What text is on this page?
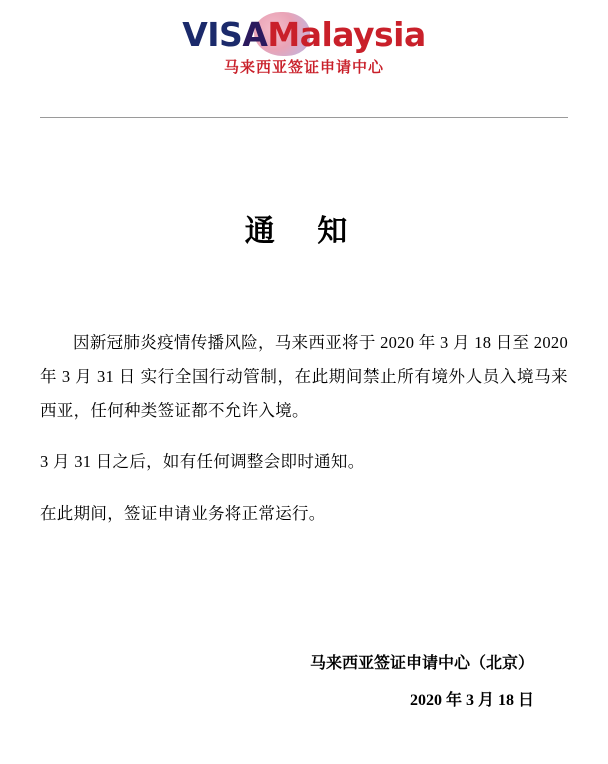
VISAMalaysia
马来西亚签证申请中心
通 知

因新冠肺炎疫情传播风险，马来西亚将于 2020 年 3 月 18 日至 2020 年 3 月 31 日 实行全国行动管制，在此期间禁止所有境外人员入境马来西亚，任何种类签证都不允许入境。

3 月 31 日之后，如有任何调整会即时通知。

在此期间，签证申请业务将正常运行。

马来西亚签证申请中心（北京）
2020 年 3 月 18 日
